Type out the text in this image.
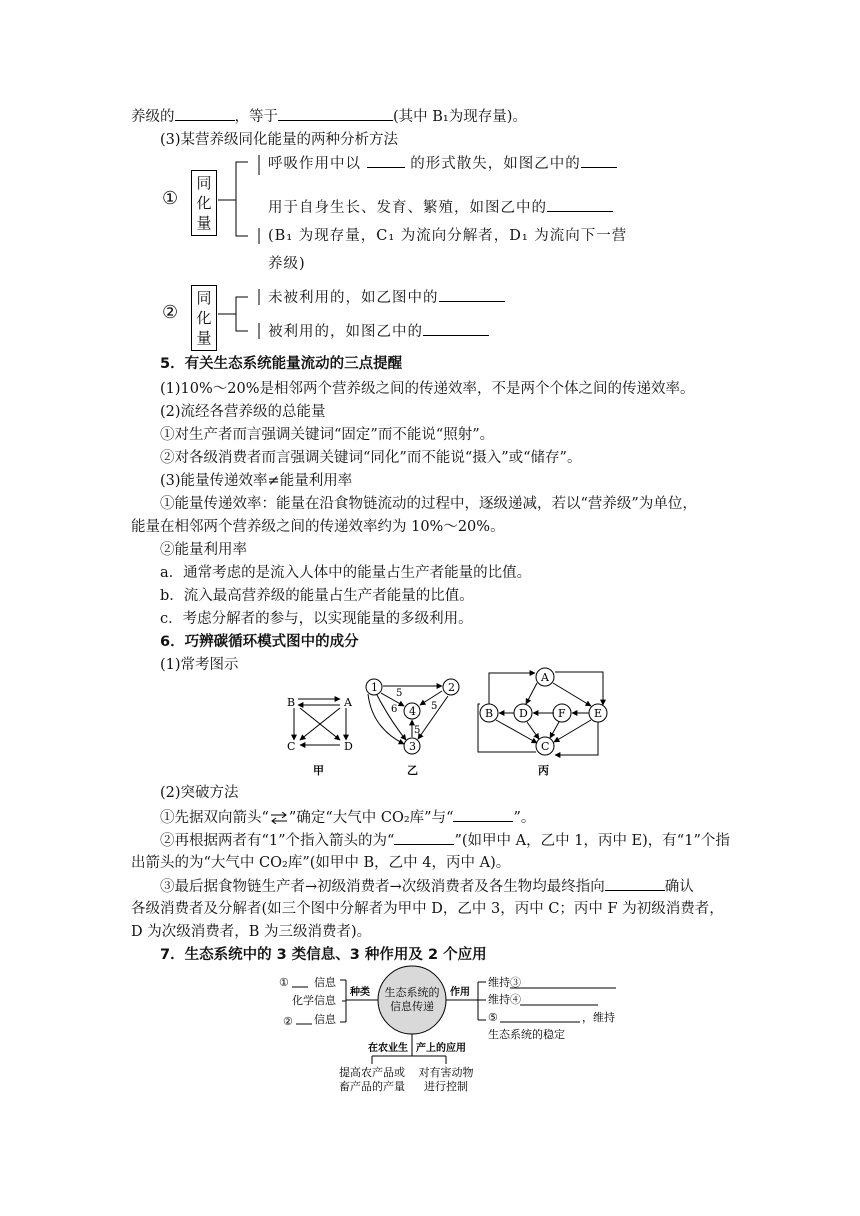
养级的	，等于	(其中 B₁为现存量)。
(3)某营养级同化能量的两种分析方法
①
同
化
量
呼吸作用中以	的形式散失，如图乙中的
用于自身生长、发育、繁殖，如图乙中的
(B₁ 为现存量，C₁ 为流向分解者，D₁ 为流向下一营
养级)
②
同
化
量
未被利用的，如乙图中的
被利用的，如图乙中的
5．有关生态系统能量流动的三点提醒
(1)10%～20%是相邻两个营养级之间的传递效率，不是两个个体之间的传递效率。
(2)流经各营养级的总能量
①对生产者而言强调关键词“固定”而不能说“照射”。
②对各级消费者而言强调关键词“同化”而不能说“摄入”或“储存”。
(3)能量传递效率≠能量利用率
①能量传递效率：能量在沿食物链流动的过程中，逐级递减，若以“营养级”为单位，
能量在相邻两个营养级之间的传递效率约为 10%～20%。
②能量利用率
a．通常考虑的是流入人体中的能量占生产者能量的比值。
b．流入最高营养级的能量占生产者能量的比值。
c．考虑分解者的参与，以实现能量的多级利用。
6．巧辨碳循环模式图中的成分
(1)常考图示
B	A
C	D
1	2
3
4
5
6	5
5
A
B
C
D	E
F
甲	乙	丙
(2)突破方法
①先据双向箭头“ ”确定“大气中 CO₂库”与“	”。
②再根据两者有“1”个指入箭头的为“	”(如甲中 A，乙中 1，丙中 E)，有“1”个指
出箭头的为“大气中 CO₂库”(如甲中 B，乙中 4，丙中 A)。
③最后据食物链生产者→初级消费者→次级消费者及各生物均最终指向	确认
各级消费者及分解者(如三个图中分解者为甲中 D，乙中 3，丙中 C；丙中 F 为初级消费者，
D 为次级消费者，B 为三级消费者)。
7．生态系统中的 3 类信息、3 种作用及 2 个应用
生态系统的
信息传递
种类	作用
在农业生 产上的应用
① 信息
化学信息
② 信息
维持③
维持④
⑤	，维持
生态系统的稳定
提高农产品或
畜产品的产量
对有害动物
进行控制
